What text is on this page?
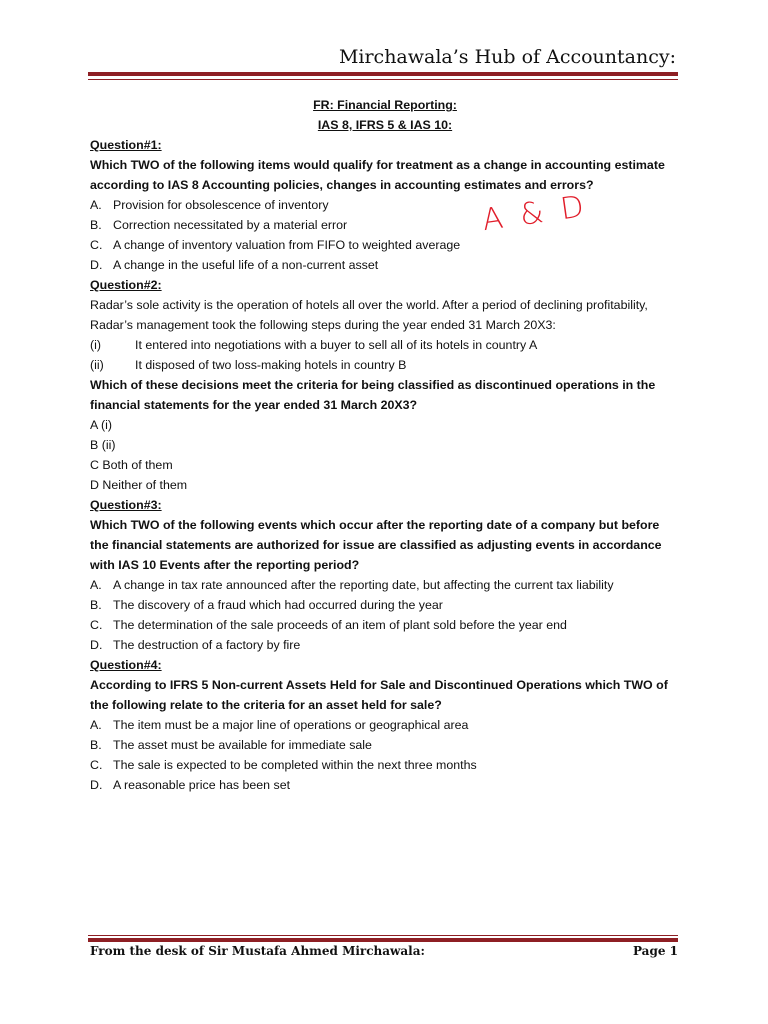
Mirchawala’s Hub of Accountancy:
A & D
FR: Financial Reporting:
IAS 8, IFRS 5 & IAS 10:
Question#1:
Which TWO of the following items would qualify for treatment as a change in accounting estimate according to IAS 8 Accounting policies, changes in accounting estimates and errors?
A. Provision for obsolescence of inventory
B. Correction necessitated by a material error
C. A change of inventory valuation from FIFO to weighted average
D. A change in the useful life of a non-current asset
Question#2:
Radar’s sole activity is the operation of hotels all over the world. After a period of declining profitability, Radar’s management took the following steps during the year ended 31 March 20X3:
(i)	It entered into negotiations with a buyer to sell all of its hotels in country A
(ii)	It disposed of two loss-making hotels in country B
Which of these decisions meet the criteria for being classified as discontinued operations in the financial statements for the year ended 31 March 20X3?
A (i)
B (ii)
C Both of them
D Neither of them
Question#3:
Which TWO of the following events which occur after the reporting date of a company but before the financial statements are authorized for issue are classified as adjusting events in accordance with IAS 10 Events after the reporting period?
A. A change in tax rate announced after the reporting date, but affecting the current tax liability
B. The discovery of a fraud which had occurred during the year
C. The determination of the sale proceeds of an item of plant sold before the year end
D. The destruction of a factory by fire
Question#4:
According to IFRS 5 Non-current Assets Held for Sale and Discontinued Operations which TWO of the following relate to the criteria for an asset held for sale?
A. The item must be a major line of operations or geographical area
B. The asset must be available for immediate sale
C. The sale is expected to be completed within the next three months
D. A reasonable price has been set
From the desk of Sir Mustafa Ahmed Mirchawala:	Page 1
